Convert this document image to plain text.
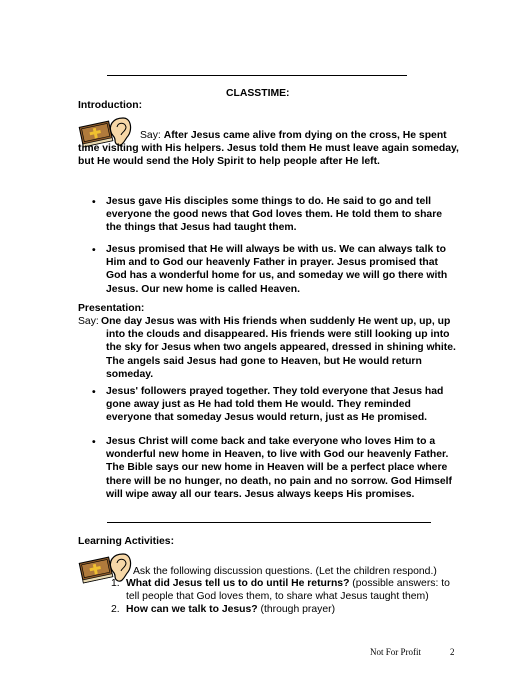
CLASSTIME:
Introduction:
Say: After Jesus came alive from dying on the cross, He spent time visiting with His helpers. Jesus told them He must leave again someday, but He would send the Holy Spirit to help people after He left.
• Jesus gave His disciples some things to do. He said to go and tell everyone the good news that God loves them. He told them to share the things that Jesus had taught them.
• Jesus promised that He will always be with us. We can always talk to Him and to God our heavenly Father in prayer. Jesus promised that God has a wonderful home for us, and someday we will go there with Jesus. Our new home is called Heaven.
Presentation:
Say: One day Jesus was with His friends when suddenly He went up, up, up into the clouds and disappeared. His friends were still looking up into the sky for Jesus when two angels appeared, dressed in shining white. The angels said Jesus had gone to Heaven, but He would return someday.
• Jesus' followers prayed together. They told everyone that Jesus had gone away just as He had told them He would. They reminded everyone that someday Jesus would return, just as He promised.
• Jesus Christ will come back and take everyone who loves Him to a wonderful new home in Heaven, to live with God our heavenly Father. The Bible says our new home in Heaven will be a perfect place where there will be no hunger, no death, no pain and no sorrow. God Himself will wipe away all our tears. Jesus always keeps His promises.
Learning Activities:
Ask the following discussion questions. (Let the children respond.)
1. What did Jesus tell us to do until He returns? (possible answers: to tell people that God loves them, to share what Jesus taught them)
2. How can we talk to Jesus? (through prayer)
Not For Profit	2
